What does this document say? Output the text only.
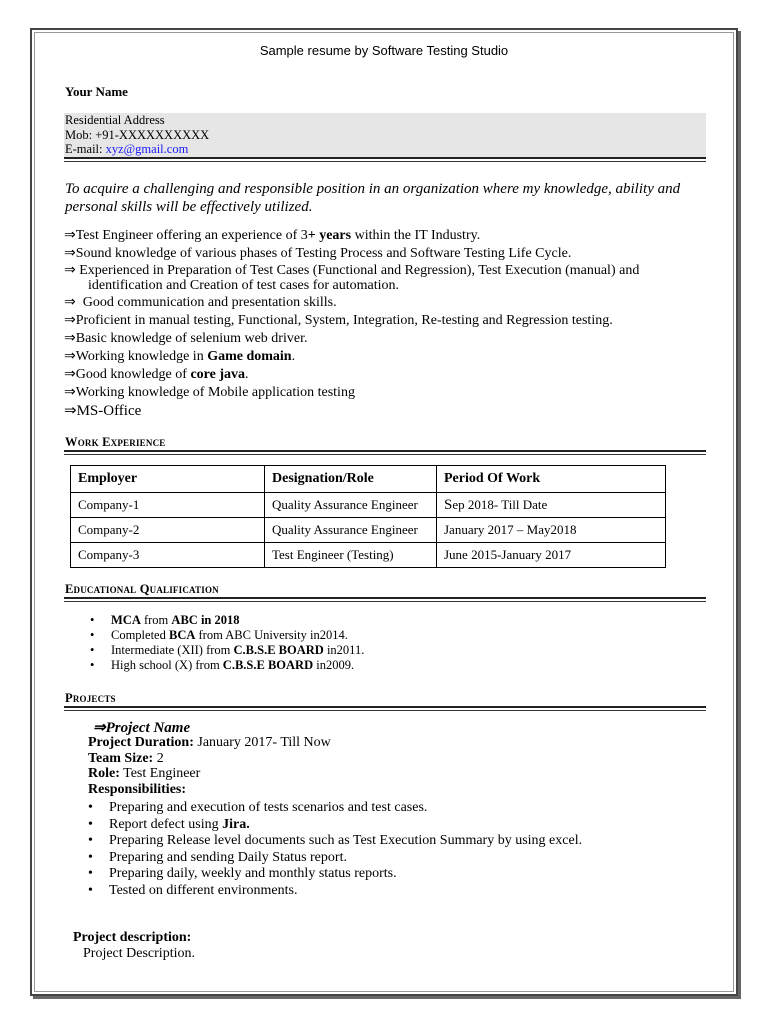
Sample resume by Software Testing Studio
Your Name
Residential Address
Mob: +91-XXXXXXXXXX
E-mail: xyz@gmail.com
To acquire a challenging and responsible position in an organization where my knowledge, ability and personal skills will be effectively utilized.
⇒Test Engineer offering an experience of 3+ years within the IT Industry.
⇒Sound knowledge of various phases of Testing Process and Software Testing Life Cycle.
⇒ Experienced in Preparation of Test Cases (Functional and Regression), Test Execution (manual) and
identification and Creation of test cases for automation.
⇒  Good communication and presentation skills.
⇒Proficient in manual testing, Functional, System, Integration, Re-testing and Regression testing.
⇒Basic knowledge of selenium web driver.
⇒Working knowledge in Game domain.
⇒Good knowledge of core java.
⇒Working knowledge of Mobile application testing
⇒MS-Office
Work Experience
Employer	Designation/Role	Period Of Work
Company-1	Quality Assurance Engineer	Sep 2018- Till Date
Company-2	Quality Assurance Engineer	January 2017 – May2018
Company-3	Test Engineer (Testing)	June 2015-January 2017
Educational Qualification
• MCA from ABC in 2018
• Completed BCA from ABC University in2014.
• Intermediate (XII) from C.B.S.E BOARD in2011.
• High school (X) from C.B.S.E BOARD in2009.
Projects
⇒Project Name
Project Duration: January 2017- Till Now
Team Size: 2
Role: Test Engineer
Responsibilities:
• Preparing and execution of tests scenarios and test cases.
• Report defect using Jira.
• Preparing Release level documents such as Test Execution Summary by using excel.
• Preparing and sending Daily Status report.
• Preparing daily, weekly and monthly status reports.
• Tested on different environments.
Project description:
Project Description.
